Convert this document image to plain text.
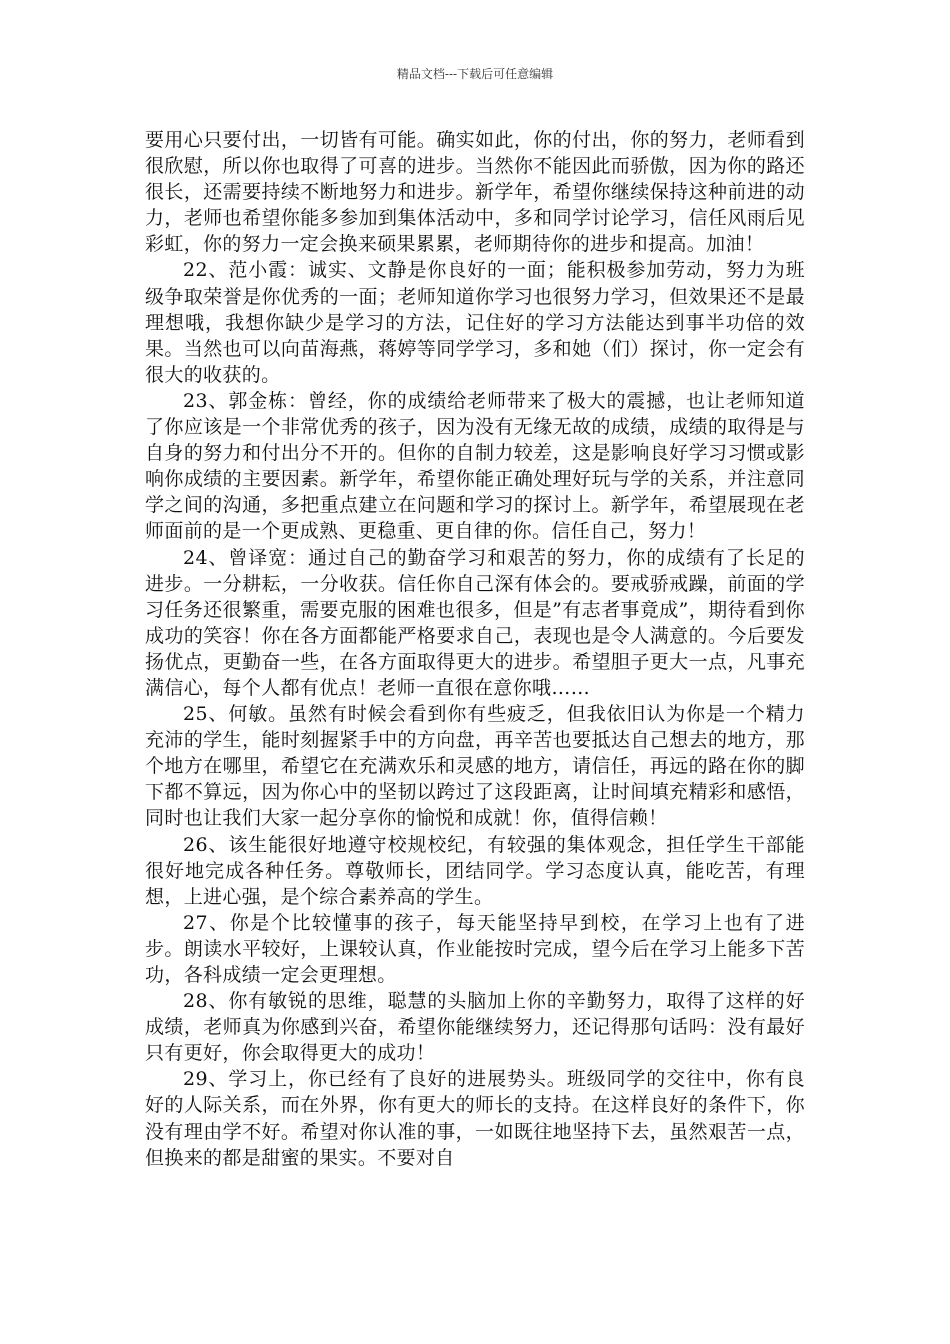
精品文档---下载后可任意编辑

要用心只要付出，一切皆有可能。确实如此，你的付出，你的努力，老师看到很欣慰，所以你也取得了可喜的进步。当然你不能因此而骄傲，因为你的路还很长，还需要持续不断地努力和进步。新学年，希望你继续保持这种前进的动力，老师也希望你能多参加到集体活动中，多和同学讨论学习，信任风雨后见彩虹，你的努力一定会换来硕果累累，老师期待你的进步和提高。加油！

22、范小霞：诚实、文静是你良好的一面；能积极参加劳动，努力为班级争取荣誉是你优秀的一面；老师知道你学习也很努力学习，但效果还不是最理想哦，我想你缺少是学习的方法，记住好的学习方法能达到事半功倍的效果。当然也可以向苗海燕，蒋婷等同学学习，多和她（们）探讨，你一定会有很大的收获的。

23、郭金栋：曾经，你的成绩给老师带来了极大的震撼，也让老师知道了你应该是一个非常优秀的孩子，因为没有无缘无故的成绩，成绩的取得是与自身的努力和付出分不开的。但你的自制力较差，这是影响良好学习习惯或影响你成绩的主要因素。新学年，希望你能正确处理好玩与学的关系，并注意同学之间的沟通，多把重点建立在问题和学习的探讨上。新学年，希望展现在老师面前的是一个更成熟、更稳重、更自律的你。信任自己，努力！

24、曾译宽：通过自己的勤奋学习和艰苦的努力，你的成绩有了长足的进步。一分耕耘，一分收获。信任你自己深有体会的。要戒骄戒躁，前面的学习任务还很繁重，需要克服的困难也很多，但是”有志者事竟成”，期待看到你成功的笑容！你在各方面都能严格要求自己，表现也是令人满意的。今后要发扬优点，更勤奋一些，在各方面取得更大的进步。希望胆子更大一点，凡事充满信心，每个人都有优点！老师一直很在意你哦……

25、何敏。虽然有时候会看到你有些疲乏，但我依旧认为你是一个精力充沛的学生，能时刻握紧手中的方向盘，再辛苦也要抵达自己想去的地方，那个地方在哪里，希望它在充满欢乐和灵感的地方，请信任，再远的路在你的脚下都不算远，因为你心中的坚韧以跨过了这段距离，让时间填充精彩和感悟，同时也让我们大家一起分享你的愉悦和成就！你，值得信赖！

26、该生能很好地遵守校规校纪，有较强的集体观念，担任学生干部能很好地完成各种任务。尊敬师长，团结同学。学习态度认真，能吃苦，有理想，上进心强，是个综合素养高的学生。

27、你是个比较懂事的孩子，每天能坚持早到校，在学习上也有了进步。朗读水平较好，上课较认真，作业能按时完成，望今后在学习上能多下苦功，各科成绩一定会更理想。

28、你有敏锐的思维，聪慧的头脑加上你的辛勤努力，取得了这样的好成绩，老师真为你感到兴奋，希望你能继续努力，还记得那句话吗：没有最好只有更好，你会取得更大的成功！

29、学习上，你已经有了良好的进展势头。班级同学的交往中，你有良好的人际关系，而在外界，你有更大的师长的支持。在这样良好的条件下，你没有理由学不好。希望对你认准的事，一如既往地坚持下去，虽然艰苦一点，但换来的都是甜蜜的果实。不要对自
